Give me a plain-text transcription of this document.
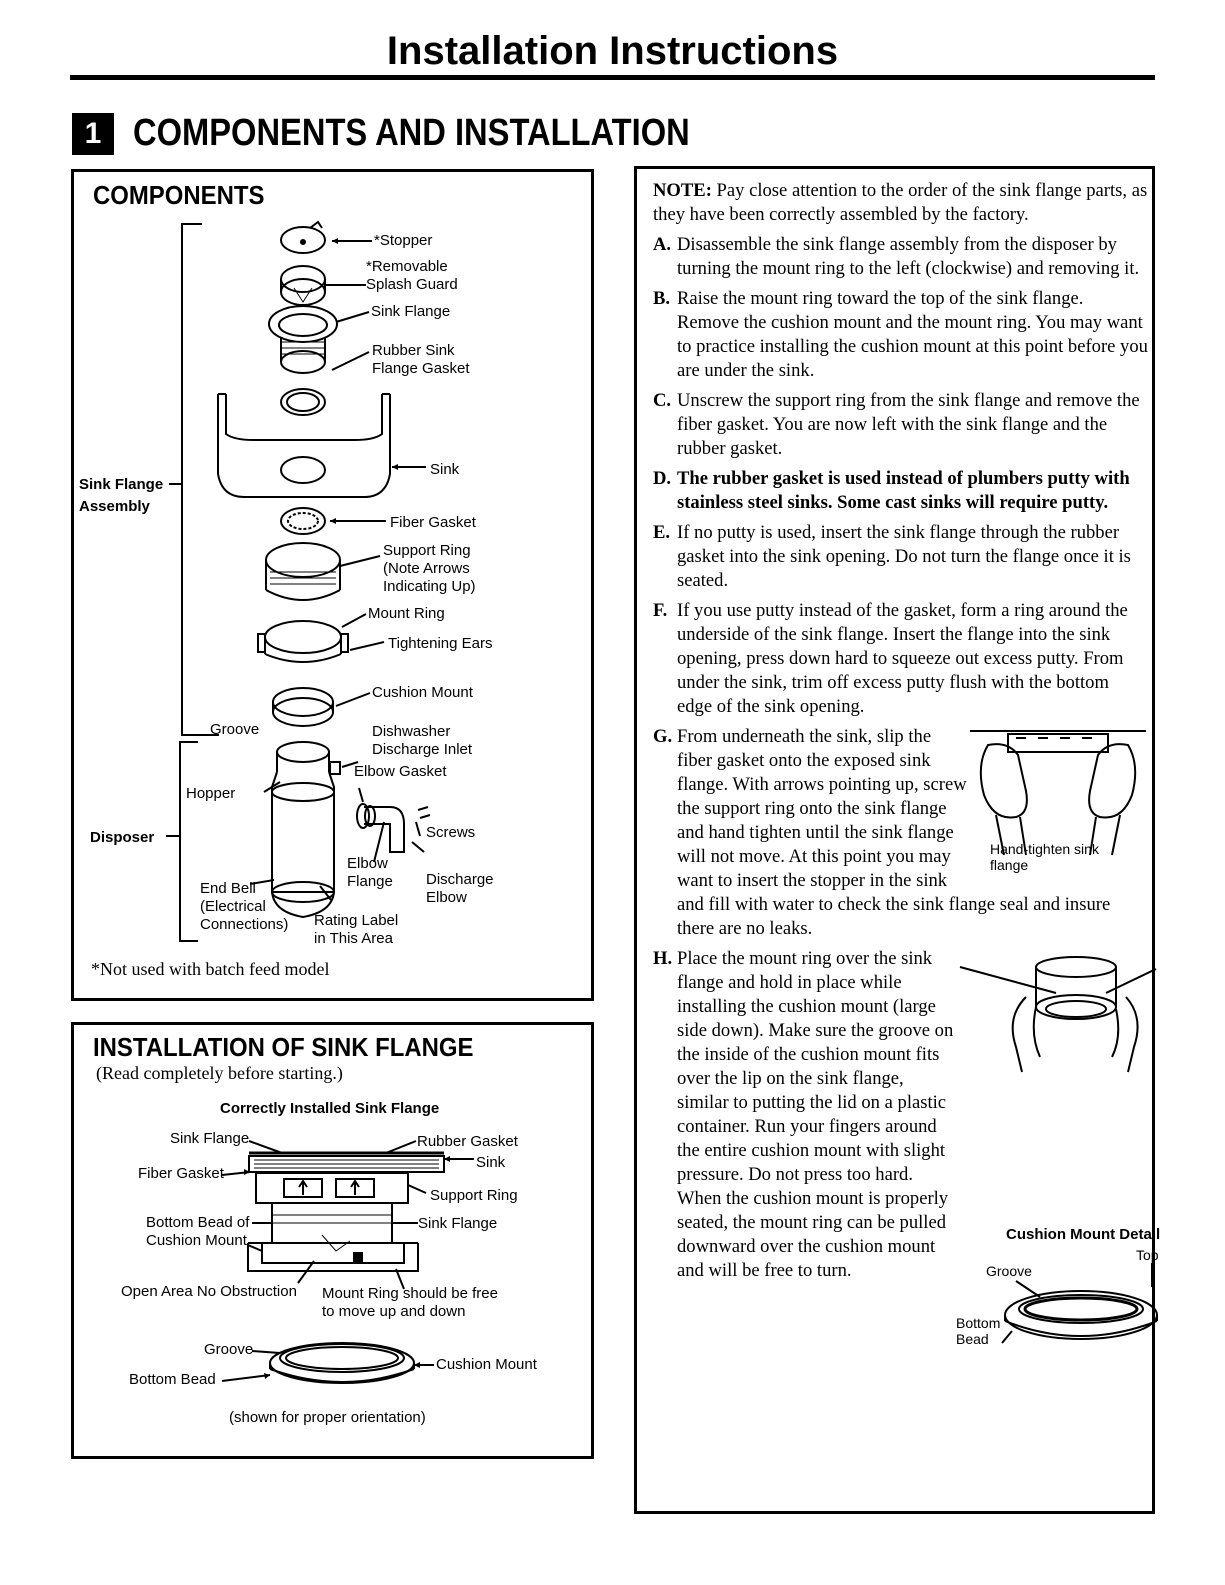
Installation Instructions
1 COMPONENTS AND INSTALLATION
COMPONENTS
*Stopper
*Removable
Splash Guard
Sink Flange
Rubber Sink
Flange Gasket
Sink
Sink Flange
Assembly
Fiber Gasket
Support Ring
(Note Arrows
Indicating Up)
Mount Ring
Tightening Ears
Cushion Mount
Groove	Dishwasher
Discharge Inlet
Elbow Gasket
Hopper
Disposer	Screws
Elbow
Flange Discharge
Elbow
End Bell
(Electrical
Connections) Rating Label
in This Area
*Not used with batch feed model
INSTALLATION OF SINK FLANGE
(Read completely before starting.)
Correctly Installed Sink Flange
Sink Flange	Rubber Gasket
Sink
Fiber Gasket
Support Ring
Bottom Bead of
Cushion Mount
Sink Flange
Open Area No Obstruction Mount Ring should be free
to move up and down
Groove
Bottom Bead
Cushion Mount
(shown for proper orientation)

NOTE: Pay close attention to the order of the sink flange parts, as they have been correctly assembled by the factory.

A. Disassemble the sink flange assembly from the disposer by turning the mount ring to the left (clockwise) and removing it.
B. Raise the mount ring toward the top of the sink flange. Remove the cushion mount and the mount ring. You may want to practice installing the cushion mount at this point before you are under the sink.
C. Unscrew the support ring from the sink flange and remove the fiber gasket. You are now left with the sink flange and the rubber gasket.
D. The rubber gasket is used instead of plumbers putty with stainless steel sinks. Some cast sinks will require putty.
E. If no putty is used, insert the sink flange through the rubber gasket into the sink opening. Do not turn the flange once it is seated.
F. If you use putty instead of the gasket, form a ring around the underside of the sink flange. Insert the flange into the sink opening, press down hard to squeeze out excess putty. From under the sink, trim off excess putty flush with the bottom edge of the sink opening.
Hand-tighten sink
flange
G. From underneath the sink, slip the fiber gasket onto the exposed sink flange. With arrows pointing up, screw the support ring onto the sink flange and hand tighten until the sink flange will not move. At this point you may want to insert the stopper in the sink and fill with water to check the sink flange seal and insure there are no leaks.
H.
Cushion Mount Detail
Top
Groove
Bottom
Bead
Place the mount ring over the sink flange and hold in place while installing the cushion mount (large side down). Make sure the groove on the inside of the cushion mount fits over the lip on the sink flange, similar to putting the lid on a plastic container. Run your fingers around the entire cushion mount with slight pressure. Do not press too hard. When the cushion mount is properly seated, the mount ring can be pulled downward over the cushion mount and will be free to turn.
